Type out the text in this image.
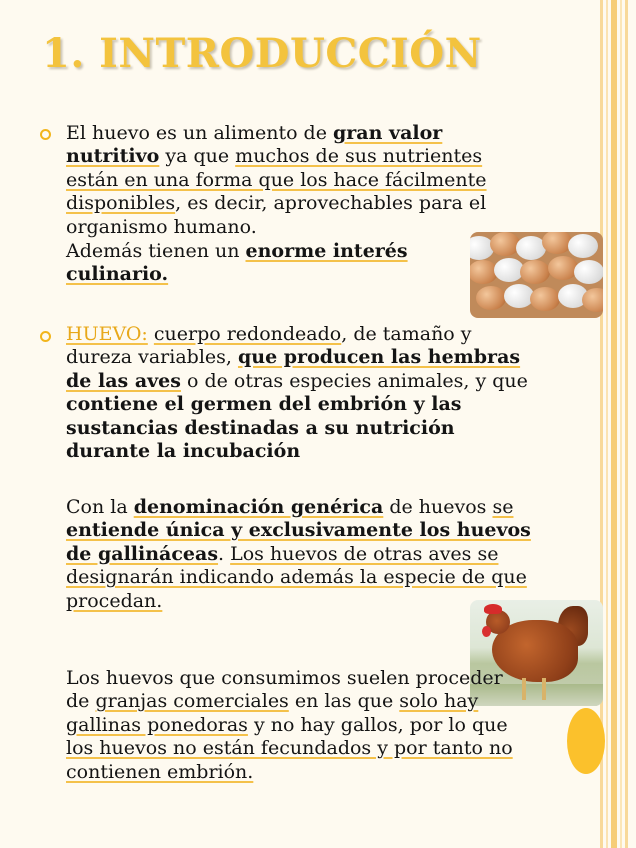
1. INTRODUCCIÓN

El huevo es un alimento de gran valor nutritivo ya que muchos de sus nutrientes están en una forma que los hace fácilmente disponibles, es decir, aprovechables para el organismo humano.

Además tienen un enorme interés culinario.

HUEVO: cuerpo redondeado, de tamaño y dureza variables, que producen las hembras de las aves o de otras especies animales, y que contiene el germen del embrión y las sustancias destinadas a su nutrición durante la incubación

Con la denominación genérica de huevos se entiende única y exclusivamente los huevos de gallináceas. Los huevos de otras aves se designarán indicando además la especie de que procedan.

Los huevos que consumimos suelen proceder de granjas comerciales en las que solo hay gallinas ponedoras y no hay gallos, por lo que los huevos no están fecundados y por tanto no contienen embrión.
